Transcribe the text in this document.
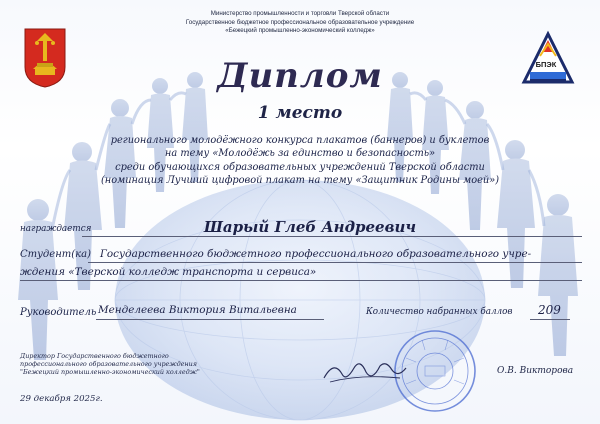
БПЭК
Министерство промышленности и торговли Тверской области
Государственное бюджетное профессиональное образовательное учреждение
«Бежецкий промышленно-экономический колледж»
Диплом
1 место
регионального молодёжного конкурса плакатов (баннеров) и буклетов
на тему «Молодёжь за единство и безопасность»
среди обучающихся образовательных учреждений Тверской области
(номинация Лучший цифровой плакат на тему «Защитник Родины моей»)
награждается	Шарый Глеб Андреевич
Студент(ка) Государственного бюджетного профессионального образовательного учре-
ждения «Тверской колледж транспорта и сервиса»
Руководитель Менделеева Виктория Витальевна	Количество набранных баллов 209
Директор Государственного бюджетного
профессионального образовательного учреждения
"Бежецкий промышленно-экономический колледж"
29 декабря 2025г.
О.В. Викторова
